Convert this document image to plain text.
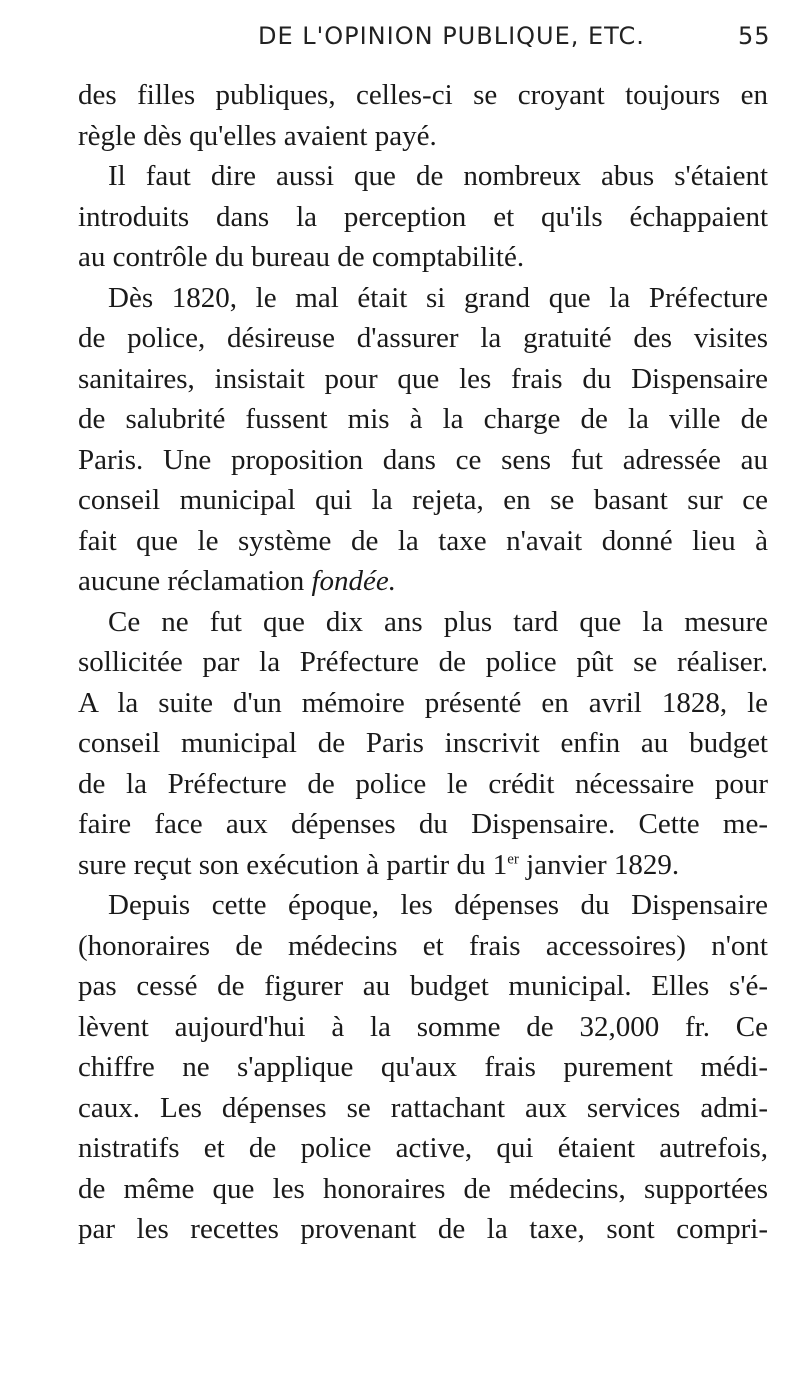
DE L'OPINION PUBLIQUE, ETC.	55
des filles publiques, celles-ci se croyant toujours en
règle dès qu'elles avaient payé.
Il faut dire aussi que de nombreux abus s'étaient
introduits dans la perception et qu'ils échappaient
au contrôle du bureau de comptabilité.
Dès 1820, le mal était si grand que la Préfecture
de police, désireuse d'assurer la gratuité des visites
sanitaires, insistait pour que les frais du Dispensaire
de salubrité fussent mis à la charge de la ville de
Paris. Une proposition dans ce sens fut adressée au
conseil municipal qui la rejeta, en se basant sur ce
fait que le système de la taxe n'avait donné lieu à
aucune réclamation fondée.
Ce ne fut que dix ans plus tard que la mesure
sollicitée par la Préfecture de police pût se réaliser.
A la suite d'un mémoire présenté en avril 1828, le
conseil municipal de Paris inscrivit enfin au budget
de la Préfecture de police le crédit nécessaire pour
faire face aux dépenses du Dispensaire. Cette me-
sure reçut son exécution à partir du 1er janvier 1829.
Depuis cette époque, les dépenses du Dispensaire
(honoraires de médecins et frais accessoires) n'ont
pas cessé de figurer au budget municipal. Elles s'é-
lèvent aujourd'hui à la somme de 32,000 fr. Ce
chiffre ne s'applique qu'aux frais purement médi-
caux. Les dépenses se rattachant aux services admi-
nistratifs et de police active, qui étaient autrefois,
de même que les honoraires de médecins, supportées
par les recettes provenant de la taxe, sont compri-
